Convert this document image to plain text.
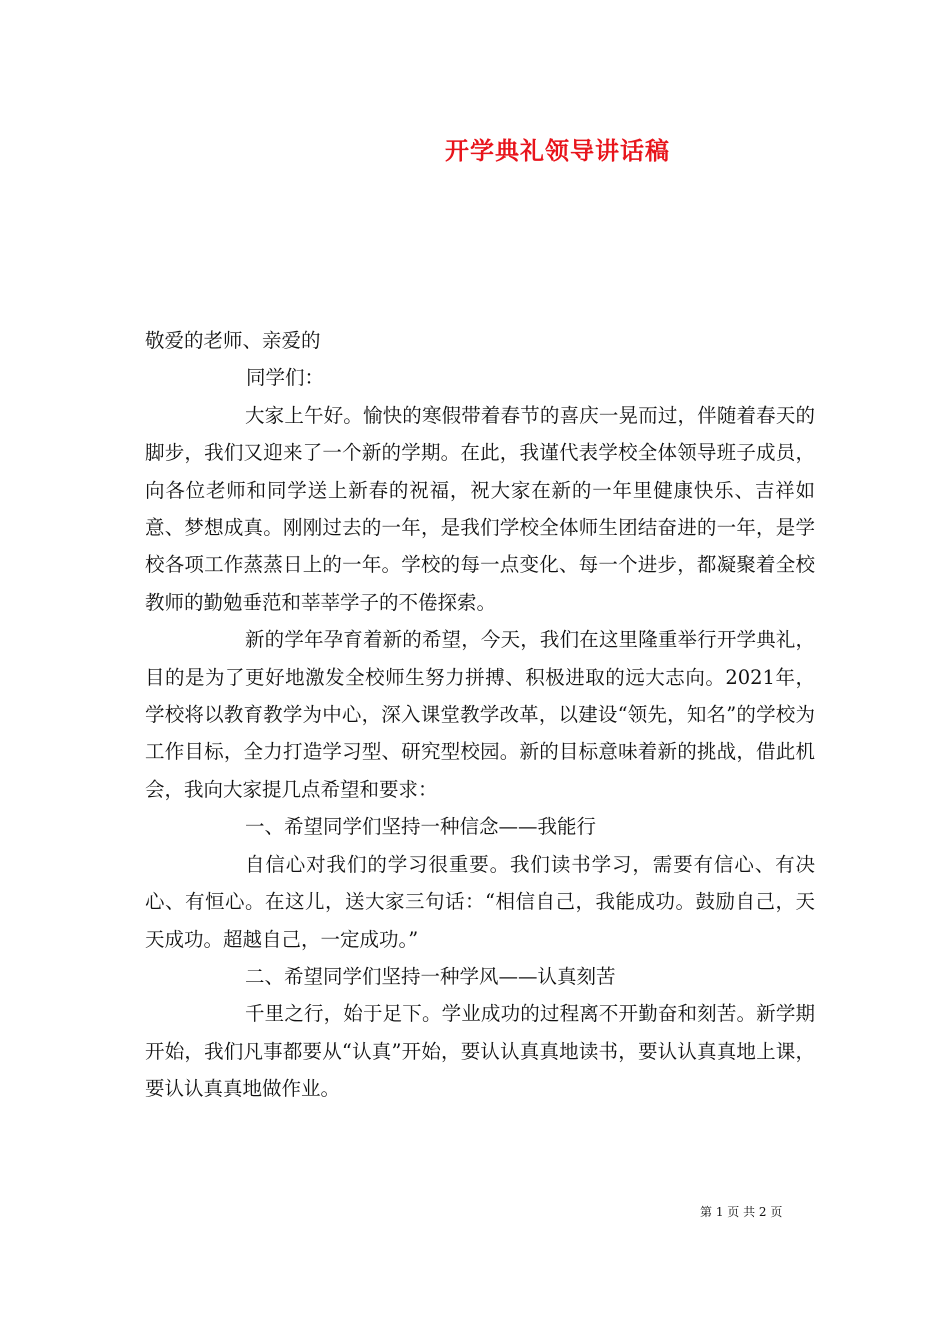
开学典礼领导讲话稿

敬爱的老师、亲爱的

同学们：

大家上午好。愉快的寒假带着春节的喜庆一晃而过，伴随着春天的脚步，我们又迎来了一个新的学期。在此，我谨代表学校全体领导班子成员，向各位老师和同学送上新春的祝福，祝大家在新的一年里健康快乐、吉祥如意、梦想成真。刚刚过去的一年，是我们学校全体师生团结奋进的一年，是学校各项工作蒸蒸日上的一年。学校的每一点变化、每一个进步，都凝聚着全校教师的勤勉垂范和莘莘学子的不倦探索。

新的学年孕育着新的希望，今天，我们在这里隆重举行开学典礼，目的是为了更好地激发全校师生努力拼搏、积极进取的远大志向。2021年，学校将以教育教学为中心，深入课堂教学改革，以建设“领先，知名”的学校为工作目标，全力打造学习型、研究型校园。新的目标意味着新的挑战，借此机会，我向大家提几点希望和要求：

一、希望同学们坚持一种信念——我能行

自信心对我们的学习很重要。我们读书学习，需要有信心、有决心、有恒心。在这儿，送大家三句话：“相信自己，我能成功。鼓励自己，天天成功。超越自己，一定成功。”

二、希望同学们坚持一种学风——认真刻苦

千里之行，始于足下。学业成功的过程离不开勤奋和刻苦。新学期开始，我们凡事都要从“认真”开始，要认认真真地读书，要认认真真地上课，要认认真真地做作业。

第 1 页 共 2 页
